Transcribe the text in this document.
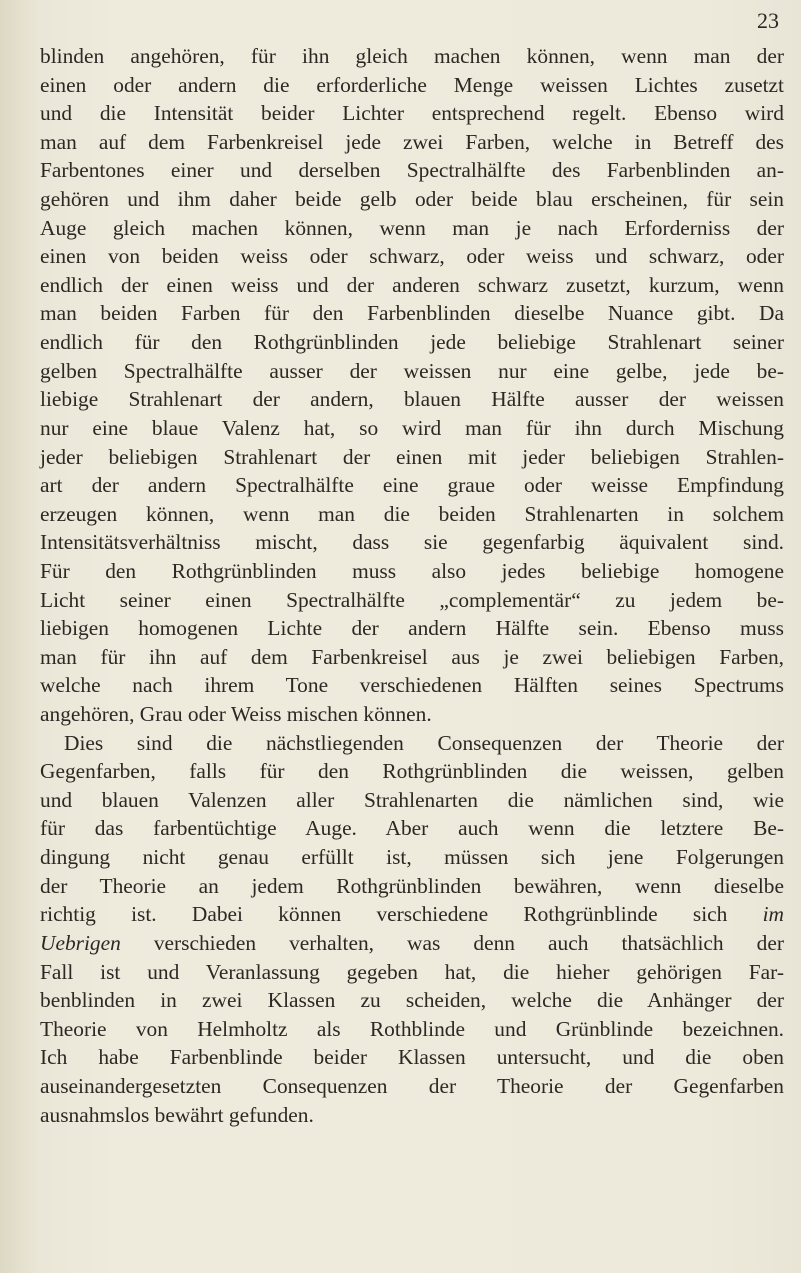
23
blinden angehören, für ihn gleich machen können, wenn man der
einen oder andern die erforderliche Menge weissen Lichtes zusetzt
und die Intensität beider Lichter entsprechend regelt. Ebenso wird
man auf dem Farbenkreisel jede zwei Farben, welche in Betreff des
Farbentones einer und derselben Spectralhälfte des Farbenblinden an-
gehören und ihm daher beide gelb oder beide blau erscheinen, für sein
Auge gleich machen können, wenn man je nach Erforderniss der
einen von beiden weiss oder schwarz, oder weiss und schwarz, oder
endlich der einen weiss und der anderen schwarz zusetzt, kurzum, wenn
man beiden Farben für den Farbenblinden dieselbe Nuance gibt. Da
endlich für den Rothgrünblinden jede beliebige Strahlenart seiner
gelben Spectralhälfte ausser der weissen nur eine gelbe, jede be-
liebige Strahlenart der andern, blauen Hälfte ausser der weissen
nur eine blaue Valenz hat, so wird man für ihn durch Mischung
jeder beliebigen Strahlenart der einen mit jeder beliebigen Strahlen-
art der andern Spectralhälfte eine graue oder weisse Empfindung
erzeugen können, wenn man die beiden Strahlenarten in solchem
Intensitätsverhältniss mischt, dass sie gegenfarbig äquivalent sind.
Für den Rothgrünblinden muss also jedes beliebige homogene
Licht seiner einen Spectralhälfte „complementär“ zu jedem be-
liebigen homogenen Lichte der andern Hälfte sein. Ebenso muss
man für ihn auf dem Farbenkreisel aus je zwei beliebigen Farben,
welche nach ihrem Tone verschiedenen Hälften seines Spectrums
angehören, Grau oder Weiss mischen können.
Dies sind die nächstliegenden Consequenzen der Theorie der
Gegenfarben, falls für den Rothgrünblinden die weissen, gelben
und blauen Valenzen aller Strahlenarten die nämlichen sind, wie
für das farbentüchtige Auge. Aber auch wenn die letztere Be-
dingung nicht genau erfüllt ist, müssen sich jene Folgerungen
der Theorie an jedem Rothgrünblinden bewähren, wenn dieselbe
richtig ist. Dabei können verschiedene Rothgrünblinde sich im
Uebrigen verschieden verhalten, was denn auch thatsächlich der
Fall ist und Veranlassung gegeben hat, die hieher gehörigen Far-
benblinden in zwei Klassen zu scheiden, welche die Anhänger der
Theorie von Helmholtz als Rothblinde und Grünblinde bezeichnen.
Ich habe Farbenblinde beider Klassen untersucht, und die oben
auseinandergesetzten Consequenzen der Theorie der Gegenfarben
ausnahmslos bewährt gefunden.
